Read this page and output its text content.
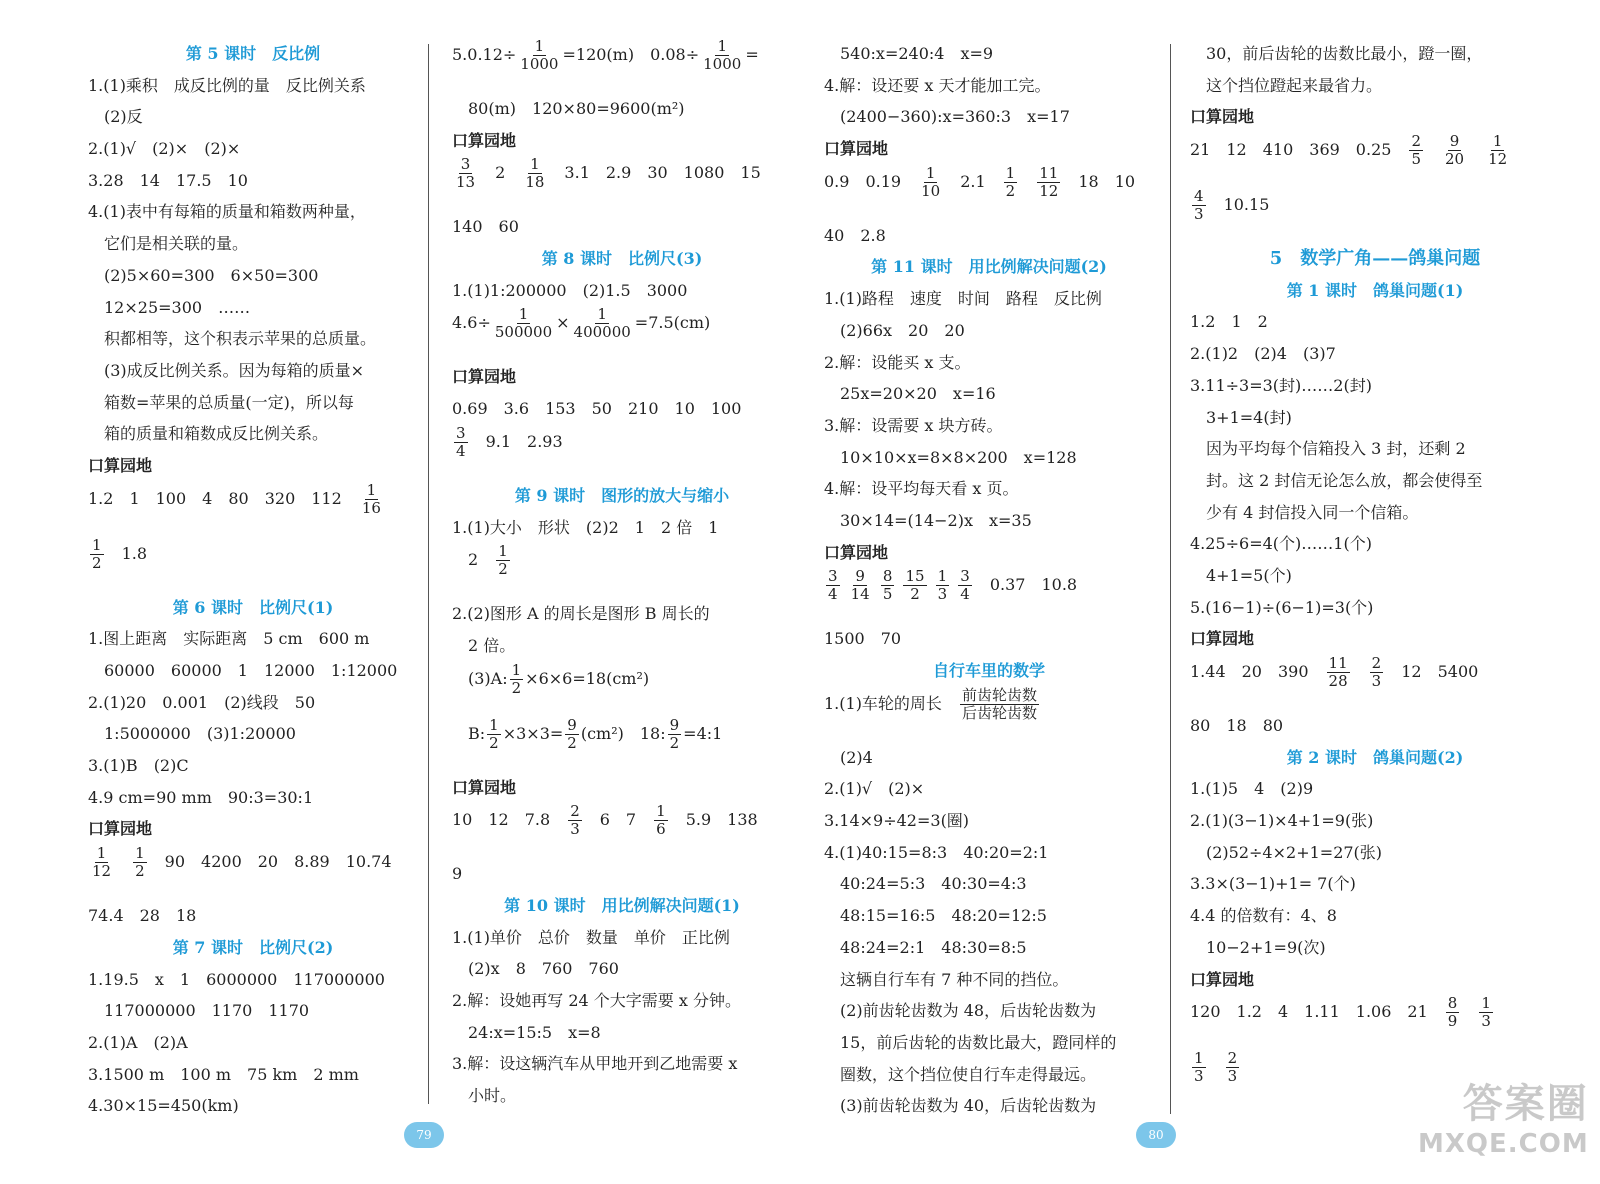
第 5 课时　反比例
1.(1)乘积　成反比例的量　反比例关系
(2)反
2.(1)√　(2)×　(2)×
3.28　14　17.5　10
4.(1)表中有每箱的质量和箱数两种量，
它们是相关联的量。
(2)5×60=300　6×50=300
12×25=300　……
积都相等，这个积表示苹果的总质量。
(3)成反比例关系。因为每箱的质量×
箱数=苹果的总质量(一定)，所以每
箱的质量和箱数成反比例关系。
口算园地
1.2　1　100　4　80　320　112　 $\frac{1}{16}$
$\frac{1}{2}$
　 1.8
第 6 课时　比例尺(1)
1.图上距离　实际距离　5 cm　600 m
60000　60000　1　12000　1:12000
2.(1)20　0.001　(2)线段　50
1:5000000　(3)1:20000
3.(1)B　(2)C
4.9 cm=90 mm　90:3=30:1
口算园地
$\frac{1}{12}$
　 $\frac{1}{2}$
　 90　4200　20　8.89　10.74
74.4　28　18
第 7 课时　比例尺(2)
1.19.5　x　1　6000000　117000000
117000000　1170　1170
2.(1)A　(2)A
3.1500 m　100 m　75 km　2 mm
4.30×15=450(km)
$5.0.12\div \frac{1}{1000} =120(m)$　$0.08\div \frac{1}{1000}$ =
80(m)　120×80=9600(m²)
口算园地
$\frac{3}{13}$
　 2　 $\frac{1}{18}$
　 3.1　2.9　30　1080　15
140　60
第 8 课时　比例尺(3)
1.(1)1:200000　(2)1.5　3000
$4.6\div \frac{1}{500000} \times \frac{1}{400000} =7.5(cm)$
口算园地
0.69　3.6　153　50　210　10　100
$\frac{3}{4}$
　 9.1　2.93
第 9 课时　图形的放大与缩小
1.(1)大小　形状　(2)2　1　2 倍　1
2　 $\frac{1}{2}$
2.(2)图形 A 的周长是图形 B 周长的
2 倍。
(3)A: $\frac{1}{2} \times 6\times 6=18(cm^2)$
B: $\frac{1}{2} \times 3\times 3= \frac{9}{2} (cm^2)$　18: $\frac{9}{2}$ =4:1
口算园地
10　12　7.8　 $\frac{2}{3}$
　 6　7　 $\frac{1}{6}$
　 5.9　138
9
第 10 课时　用比例解决问题(1)
1.(1)单价　总价　数量　单价　正比例
(2)x　8　760　760
2.解：设她再写 24 个大字需要 x 分钟。
24:x=15:5　x=8
3.解：设这辆汽车从甲地开到乙地需要 x
小时。
540:x=240:4　x=9
4.解：设还要 x 天才能加工完。
(2400−360):x=360:3　x=17
口算园地
0.9　0.19　 $\frac{1}{10}$
　 2.1　 $\frac{1}{2}$
　 $\frac{11}{12}$
　 18　10
40　2.8
第 11 课时　用比例解决问题(2)
1.(1)路程　速度　时间　路程　反比例
(2)66x　20　20
2.解：设能买 x 支。
25x=20×20　x=16
3.解：设需要 x 块方砖。
10×10×x=8×8×200　x=128
4.解：设平均每天看 x 页。
30×14=(14−2)x　x=35
口算园地
$\frac{3}{4}$
$\frac{9}{14}$
$\frac{8}{5}$
$\frac{15}{2}$
$\frac{1}{3}$
$\frac{3}{4}$
　 0.37　10.8
1500　70
自行车里的数学
1.(1)车轮的周长　 $\frac{\text{前齿轮齿数}}{\text{后齿轮齿数}}$
(2)4
2.(1)√　(2)×
3.14×9÷42=3(圈)
4.(1)40:15=8:3　40:20=2:1
40:24=5:3　40:30=4:3
48:15=16:5　48:20=12:5
48:24=2:1　48:30=8:5
这辆自行车有 7 种不同的挡位。
(2)前齿轮齿数为 48，后齿轮齿数为
15，前后齿轮的齿数比最大，蹬同样的
圈数，这个挡位使自行车走得最远。
(3)前齿轮齿数为 40，后齿轮齿数为
30，前后齿轮的齿数比最小，蹬一圈，
这个挡位蹬起来最省力。
口算园地
21　12　410　369　0.25　 $\frac{2}{5}$
　 $\frac{9}{20}$
　 $\frac{1}{12}$
$\frac{4}{3}$
　 10.15
5　数学广角——鸽巢问题
第 1 课时　鸽巢问题(1)
1.2　1　2
2.(1)2　(2)4　(3)7
3.11÷3=3(封)……2(封)
3+1=4(封)
因为平均每个信箱投入 3 封，还剩 2
封。这 2 封信无论怎么放，都会使得至
少有 4 封信投入同一个信箱。
4.25÷6=4(个)……1(个)
4+1=5(个)
5.(16−1)÷(6−1)=3(个)
口算园地
1.44　20　390　 $\frac{11}{28}$
　 $\frac{2}{3}$
　 12　5400
80　18　80
第 2 课时　鸽巢问题(2)
1.(1)5　4　(2)9
2.(1)(3−1)×4+1=9(张)
(2)52÷4×2+1=27(张)
3.3×(3−1)+1= 7(个)
4.4 的倍数有：4、8
10−2+1=9(次)
口算园地
120　1.2　4　1.11　1.06　21　 $\frac{8}{9}$
　 $\frac{1}{3}$
$\frac{1}{3}$
　 $\frac{2}{3}$
79	80
答案圈
MXQE.COM
